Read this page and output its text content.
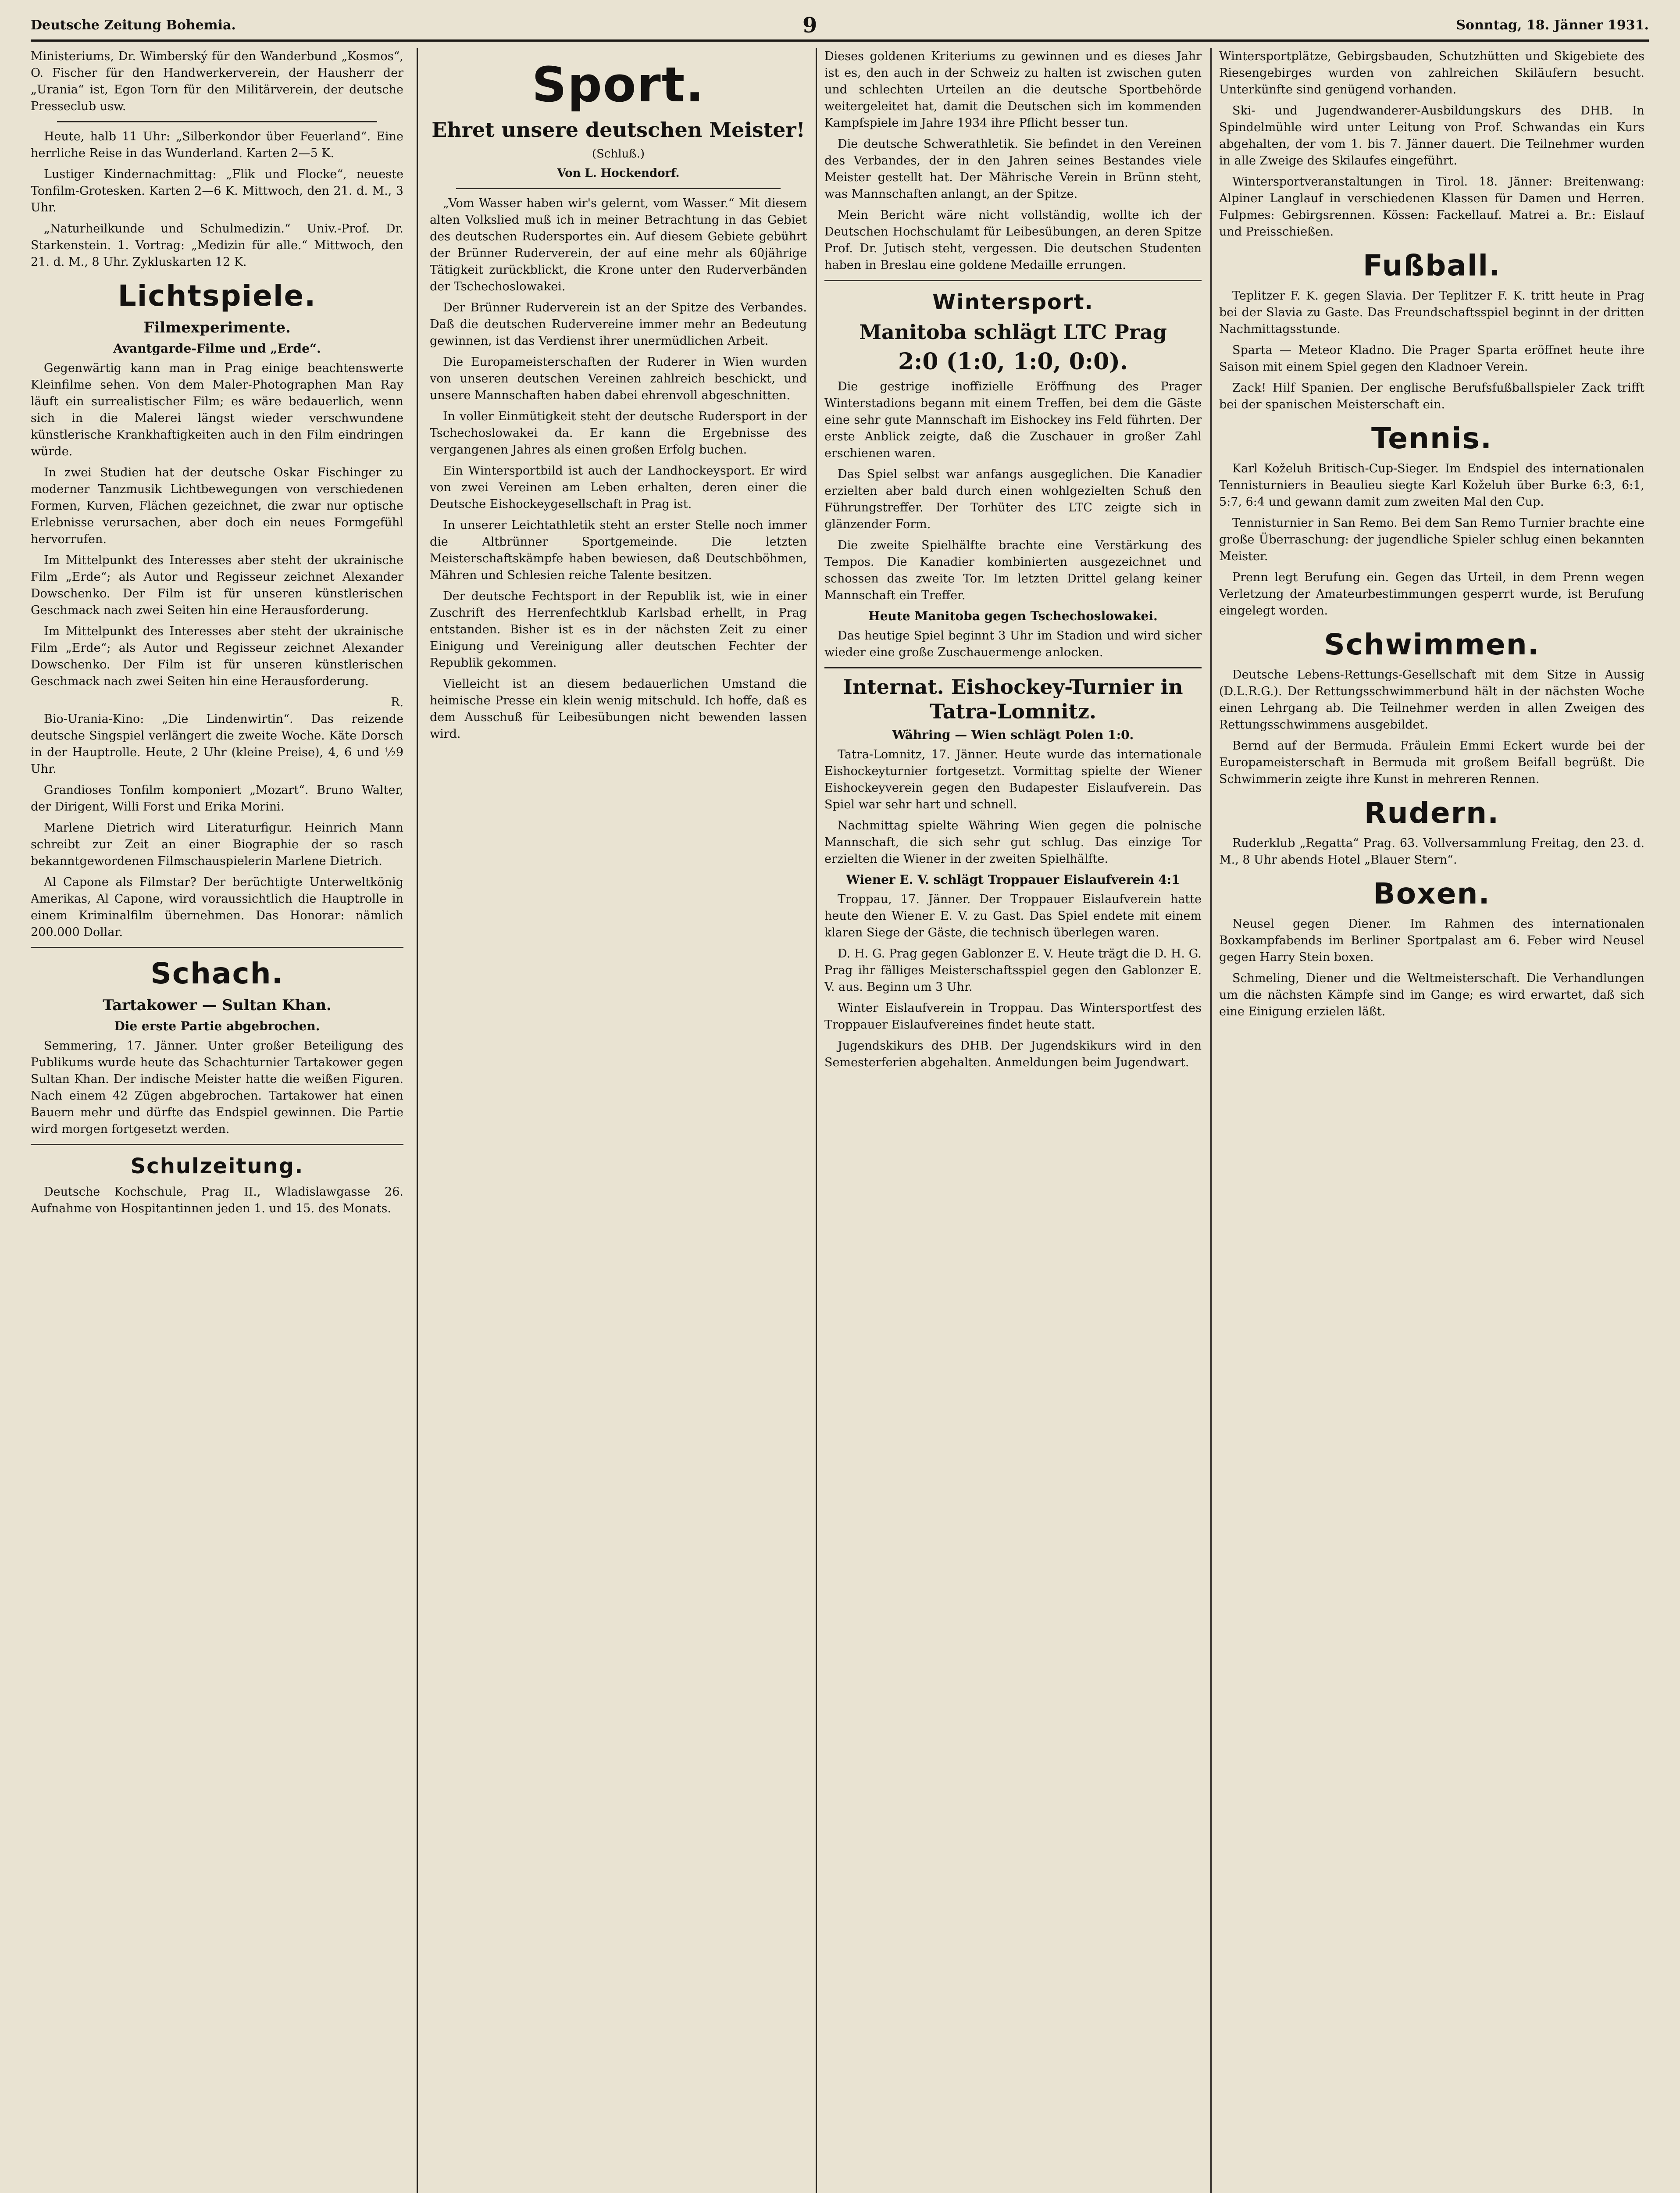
Deutsche Zeitung Bohemia.	9	Sonntag, 18. Jänner 1931.

Ministeriums, Dr. Wimberský für den Wanderbund „Kosmos“, O. Fischer für den Handwerkerverein, der Hausherr der „Urania“ ist, Egon Torn für den Militärverein, der deutsche Presseclub usw.

Heute, halb 11 Uhr: „Silberkondor über Feuerland“. Eine herrliche Reise in das Wunderland. Karten 2—5 K.

Lustiger Kindernachmittag: „Flik und Flocke“, neueste Tonfilm-Grotesken. Karten 2—6 K. Mittwoch, den 21. d. M., 3 Uhr.

„Naturheilkunde und Schulmedizin.“ Univ.-Prof. Dr. Starkenstein. 1. Vortrag: „Medizin für alle.“ Mittwoch, den 21. d. M., 8 Uhr. Zykluskarten 12 K.

Lichtspiele.
Filmexperimente.
Avantgarde-Filme und „Erde“.

Gegenwärtig kann man in Prag einige beachtenswerte Kleinfilme sehen. Von dem Maler-Photographen Man Ray läuft ein surrealistischer Film; es wäre bedauerlich, wenn sich in die Malerei längst wieder verschwundene künstlerische Krankhaftigkeiten auch in den Film eindringen würde.

In zwei Studien hat der deutsche Oskar Fischinger zu moderner Tanzmusik Lichtbewegungen von verschiedenen Formen, Kurven, Flächen gezeichnet, die zwar nur optische Erlebnisse verursachen, aber doch ein neues Formgefühl hervorrufen.

Im Mittelpunkt des Interesses aber steht der ukrainische Film „Erde“; als Autor und Regisseur zeichnet Alexander Dowschenko. Der Film ist für unseren künstlerischen Geschmack nach zwei Seiten hin eine Herausforderung.

Im Mittelpunkt des Interesses aber steht der ukrainische Film „Erde“; als Autor und Regisseur zeichnet Alexander Dowschenko. Der Film ist für unseren künstlerischen Geschmack nach zwei Seiten hin eine Herausforderung.

R.

Bio-Urania-Kino: „Die Lindenwirtin“. Das reizende deutsche Singspiel verlängert die zweite Woche. Käte Dorsch in der Hauptrolle. Heute, 2 Uhr (kleine Preise), 4, 6 und ½9 Uhr.

Grandioses Tonfilm komponiert „Mozart“. Bruno Walter, der Dirigent, Willi Forst und Erika Morini.

Marlene Dietrich wird Literaturfigur. Heinrich Mann schreibt zur Zeit an einer Biographie der so rasch bekanntgewordenen Filmschauspielerin Marlene Dietrich.

Al Capone als Filmstar? Der berüchtigte Unterweltkönig Amerikas, Al Capone, wird voraussichtlich die Hauptrolle in einem Kriminalfilm übernehmen. Das Honorar: nämlich 200.000 Dollar.

Schach.
Tartakower — Sultan Khan.
Die erste Partie abgebrochen.

Semmering, 17. Jänner. Unter großer Beteiligung des Publikums wurde heute das Schachturnier Tartakower gegen Sultan Khan. Der indische Meister hatte die weißen Figuren. Nach einem 42 Zügen abgebrochen. Tartakower hat einen Bauern mehr und dürfte das Endspiel gewinnen. Die Partie wird morgen fortgesetzt werden.

Schulzeitung.

Deutsche Kochschule, Prag II., Wladislawgasse 26. Aufnahme von Hospitantinnen jeden 1. und 15. des Monats.

Sport.
Ehret unsere deutschen Meister!
(Schluß.)
Von L. Hockendorf.

„Vom Wasser haben wir's gelernt, vom Wasser.“ Mit diesem alten Volkslied muß ich in meiner Betrachtung in das Gebiet des deutschen Rudersportes ein. Auf diesem Gebiete gebührt der Brünner Ruderverein, der auf eine mehr als 60jährige Tätigkeit zurückblickt, die Krone unter den Ruderverbänden der Tschechoslowakei.

Der Brünner Ruderverein ist an der Spitze des Verbandes. Daß die deutschen Rudervereine immer mehr an Bedeutung gewinnen, ist das Verdienst ihrer unermüdlichen Arbeit.

Die Europameisterschaften der Ruderer in Wien wurden von unseren deutschen Vereinen zahlreich beschickt, und unsere Mannschaften haben dabei ehrenvoll abgeschnitten.

In voller Einmütigkeit steht der deutsche Rudersport in der Tschechoslowakei da. Er kann die Ergebnisse des vergangenen Jahres als einen großen Erfolg buchen.

Ein Wintersportbild ist auch der Landhockeysport. Er wird von zwei Vereinen am Leben erhalten, deren einer die Deutsche Eishockeygesellschaft in Prag ist.

In unserer Leichtathletik steht an erster Stelle noch immer die Altbrünner Sportgemeinde. Die letzten Meisterschaftskämpfe haben bewiesen, daß Deutschböhmen, Mähren und Schlesien reiche Talente besitzen.

Der deutsche Fechtsport in der Republik ist, wie in einer Zuschrift des Herrenfechtklub Karlsbad erhellt, in Prag entstanden. Bisher ist es in der nächsten Zeit zu einer Einigung und Vereinigung aller deutschen Fechter der Republik gekommen.

Vielleicht ist an diesem bedauerlichen Umstand die heimische Presse ein klein wenig mitschuld. Ich hoffe, daß es dem Ausschuß für Leibesübungen nicht bewenden lassen wird.

Dieses goldenen Kriteriums zu gewinnen und es dieses Jahr ist es, den auch in der Schweiz zu halten ist zwischen guten und schlechten Urteilen an die deutsche Sportbehörde weitergeleitet hat, damit die Deutschen sich im kommenden Kampfspiele im Jahre 1934 ihre Pflicht besser tun.

Die deutsche Schwerathletik. Sie befindet in den Vereinen des Verbandes, der in den Jahren seines Bestandes viele Meister gestellt hat. Der Mährische Verein in Brünn steht, was Mannschaften anlangt, an der Spitze.

Mein Bericht wäre nicht vollständig, wollte ich der Deutschen Hochschulamt für Leibesübungen, an deren Spitze Prof. Dr. Jutisch steht, vergessen. Die deutschen Studenten haben in Breslau eine goldene Medaille errungen.

Wintersport.
Manitoba schlägt LTC Prag
2:0 (1:0, 1:0, 0:0).

Die gestrige inoffizielle Eröffnung des Prager Winterstadions begann mit einem Treffen, bei dem die Gäste eine sehr gute Mannschaft im Eishockey ins Feld führten. Der erste Anblick zeigte, daß die Zuschauer in großer Zahl erschienen waren.

Das Spiel selbst war anfangs ausgeglichen. Die Kanadier erzielten aber bald durch einen wohlgezielten Schuß den Führungstreffer. Der Torhüter des LTC zeigte sich in glänzender Form.

Die zweite Spielhälfte brachte eine Verstärkung des Tempos. Die Kanadier kombinierten ausgezeichnet und schossen das zweite Tor. Im letzten Drittel gelang keiner Mannschaft ein Treffer.

Heute Manitoba gegen Tschechoslowakei.

Das heutige Spiel beginnt 3 Uhr im Stadion und wird sicher wieder eine große Zuschauermenge anlocken.

Internat. Eishockey-Turnier in Tatra-Lomnitz.
Währing — Wien schlägt Polen 1:0.

Tatra-Lomnitz, 17. Jänner. Heute wurde das internationale Eishockeyturnier fortgesetzt. Vormittag spielte der Wiener Eishockeyverein gegen den Budapester Eislaufverein. Das Spiel war sehr hart und schnell.

Nachmittag spielte Währing Wien gegen die polnische Mannschaft, die sich sehr gut schlug. Das einzige Tor erzielten die Wiener in der zweiten Spielhälfte.

Wiener E. V. schlägt Troppauer Eislaufverein 4:1

Troppau, 17. Jänner. Der Troppauer Eislaufverein hatte heute den Wiener E. V. zu Gast. Das Spiel endete mit einem klaren Siege der Gäste, die technisch überlegen waren.

D. H. G. Prag gegen Gablonzer E. V. Heute trägt die D. H. G. Prag ihr fälliges Meisterschaftsspiel gegen den Gablonzer E. V. aus. Beginn um 3 Uhr.

Winter Eislaufverein in Troppau. Das Wintersportfest des Troppauer Eislaufvereines findet heute statt.

Jugendskikurs des DHB. Der Jugendskikurs wird in den Semesterferien abgehalten. Anmeldungen beim Jugendwart.

Wintersportplätze, Gebirgsbauden, Schutzhütten und Skigebiete des Riesengebirges wurden von zahlreichen Skiläufern besucht. Unterkünfte sind genügend vorhanden.

Ski- und Jugendwanderer-Ausbildungskurs des DHB. In Spindelmühle wird unter Leitung von Prof. Schwandas ein Kurs abgehalten, der vom 1. bis 7. Jänner dauert. Die Teilnehmer wurden in alle Zweige des Skilaufes eingeführt.

Wintersportveranstaltungen in Tirol. 18. Jänner: Breitenwang: Alpiner Langlauf in verschiedenen Klassen für Damen und Herren. Fulpmes: Gebirgsrennen. Kössen: Fackellauf. Matrei a. Br.: Eislauf und Preisschießen.

Fußball.

Teplitzer F. K. gegen Slavia. Der Teplitzer F. K. tritt heute in Prag bei der Slavia zu Gaste. Das Freundschaftsspiel beginnt in der dritten Nachmittagsstunde.

Sparta — Meteor Kladno. Die Prager Sparta eröffnet heute ihre Saison mit einem Spiel gegen den Kladnoer Verein.

Zack! Hilf Spanien. Der englische Berufsfußballspieler Zack trifft bei der spanischen Meisterschaft ein.

Tennis.

Karl Koželuh Britisch-Cup-Sieger. Im Endspiel des internationalen Tennisturniers in Beaulieu siegte Karl Koželuh über Burke 6:3, 6:1, 5:7, 6:4 und gewann damit zum zweiten Mal den Cup.

Tennisturnier in San Remo. Bei dem San Remo Turnier brachte eine große Überraschung: der jugendliche Spieler schlug einen bekannten Meister.

Prenn legt Berufung ein. Gegen das Urteil, in dem Prenn wegen Verletzung der Amateurbestimmungen gesperrt wurde, ist Berufung eingelegt worden.

Schwimmen.

Deutsche Lebens-Rettungs-Gesellschaft mit dem Sitze in Aussig (D.L.R.G.). Der Rettungsschwimmerbund hält in der nächsten Woche einen Lehrgang ab. Die Teilnehmer werden in allen Zweigen des Rettungsschwimmens ausgebildet.

Bernd auf der Bermuda. Fräulein Emmi Eckert wurde bei der Europameisterschaft in Bermuda mit großem Beifall begrüßt. Die Schwimmerin zeigte ihre Kunst in mehreren Rennen.

Rudern.

Ruderklub „Regatta“ Prag. 63. Vollversammlung Freitag, den 23. d. M., 8 Uhr abends Hotel „Blauer Stern“.

Boxen.

Neusel gegen Diener. Im Rahmen des internationalen Boxkampfabends im Berliner Sportpalast am 6. Feber wird Neusel gegen Harry Stein boxen.

Schmeling, Diener und die Weltmeisterschaft. Die Verhandlungen um die nächsten Kämpfe sind im Gange; es wird erwartet, daß sich eine Einigung erzielen läßt.
